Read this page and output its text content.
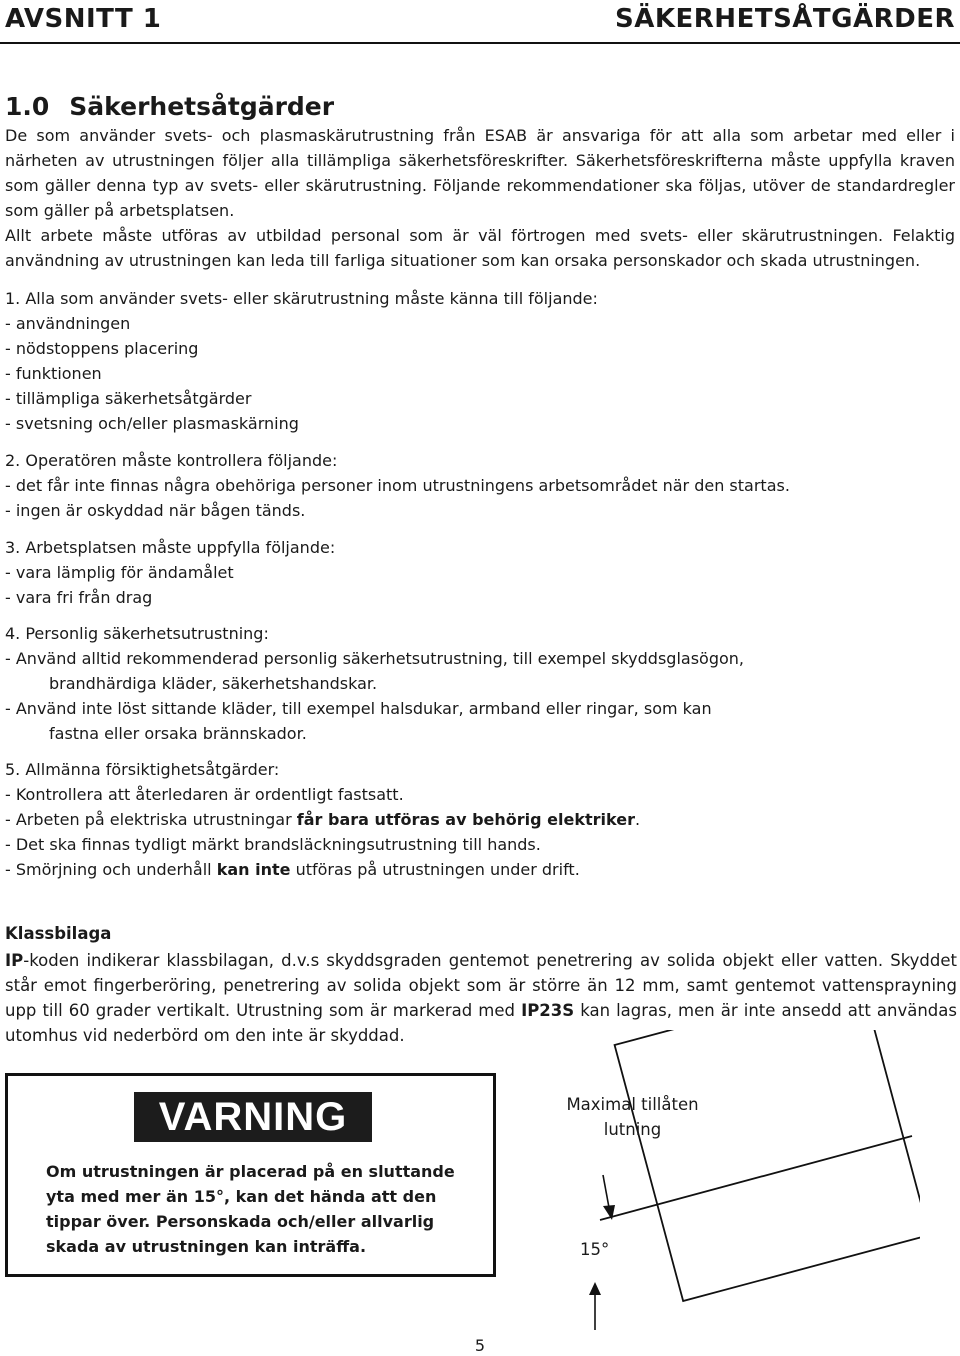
AVSNITT 1	SÄKERHETSÅTGÄRDER
1.0 Säkerhetsåtgärder

De som använder svets- och plasmaskärutrustning från ESAB är ansvariga för att alla som arbetar med eller i närheten av utrustningen följer alla tillämpliga säkerhetsföreskrifter. Säkerhetsföreskrifterna måste uppfylla kraven som gäller denna typ av svets- eller skärutrustning. Följande rekommendationer ska följas, utöver de standardregler som gäller på arbetsplatsen.

Allt arbete måste utföras av utbildad personal som är väl förtrogen med svets- eller skärutrustningen. Felaktig användning av utrustningen kan leda till farliga situationer som kan orsaka personskador och skada utrustningen.

1. Alla som använder svets- eller skärutrustning måste känna till följande:
- användningen
- nödstoppens placering
- funktionen
- tillämpliga säkerhetsåtgärder
- svetsning och/eller plasmaskärning
2. Operatören måste kontrollera följande:
- det får inte finnas några obehöriga personer inom utrustningens arbetsområdet när den startas.
- ingen är oskyddad när bågen tänds.
3. Arbetsplatsen måste uppfylla följande:
- vara lämplig för ändamålet
- vara fri från drag
4. Personlig säkerhetsutrustning:
- Använd alltid rekommenderad personlig säkerhetsutrustning, till exempel skyddsglasögon,
brandhärdiga kläder, säkerhetshandskar.
- Använd inte löst sittande kläder, till exempel halsdukar, armband eller ringar, som kan
fastna eller orsaka brännskador.
5. Allmänna försiktighetsåtgärder:
- Kontrollera att återledaren är ordentligt fastsatt.
- Arbeten på elektriska utrustningar får bara utföras av behörig elektriker.
- Det ska finnas tydligt märkt brandsläckningsutrustning till hands.
- Smörjning och underhåll kan inte utföras på utrustningen under drift.
Klassbilaga

IP-koden indikerar klassbilagan, d.v.s skyddsgraden gentemot penetrering av solida objekt eller vatten. Skyddet står emot fingerberöring, penetrering av solida objekt som är större än 12 mm, samt gentemot vattensprayning upp till 60 grader vertikalt. Utrustning som är markerad med IP23S kan lagras, men är inte ansedd att användas utomhus vid nederbörd om den inte är skyddad.

VARNING

Om utrustningen är placerad på en sluttande yta med mer än 15°, kan det hända att den tippar över. Personskada och/eller allvarlig skada av utrustningen kan inträffa.

Maximal tillåten lutning
15°
5
